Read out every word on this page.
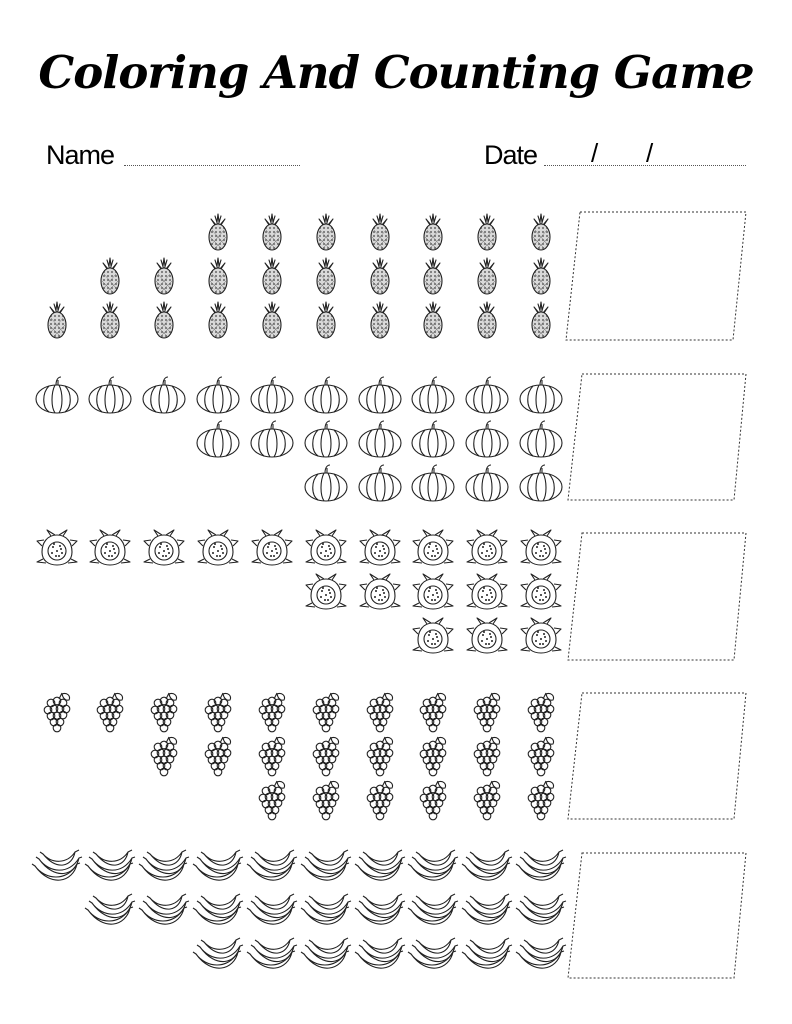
Coloring And Counting Game
Name	Date / /
